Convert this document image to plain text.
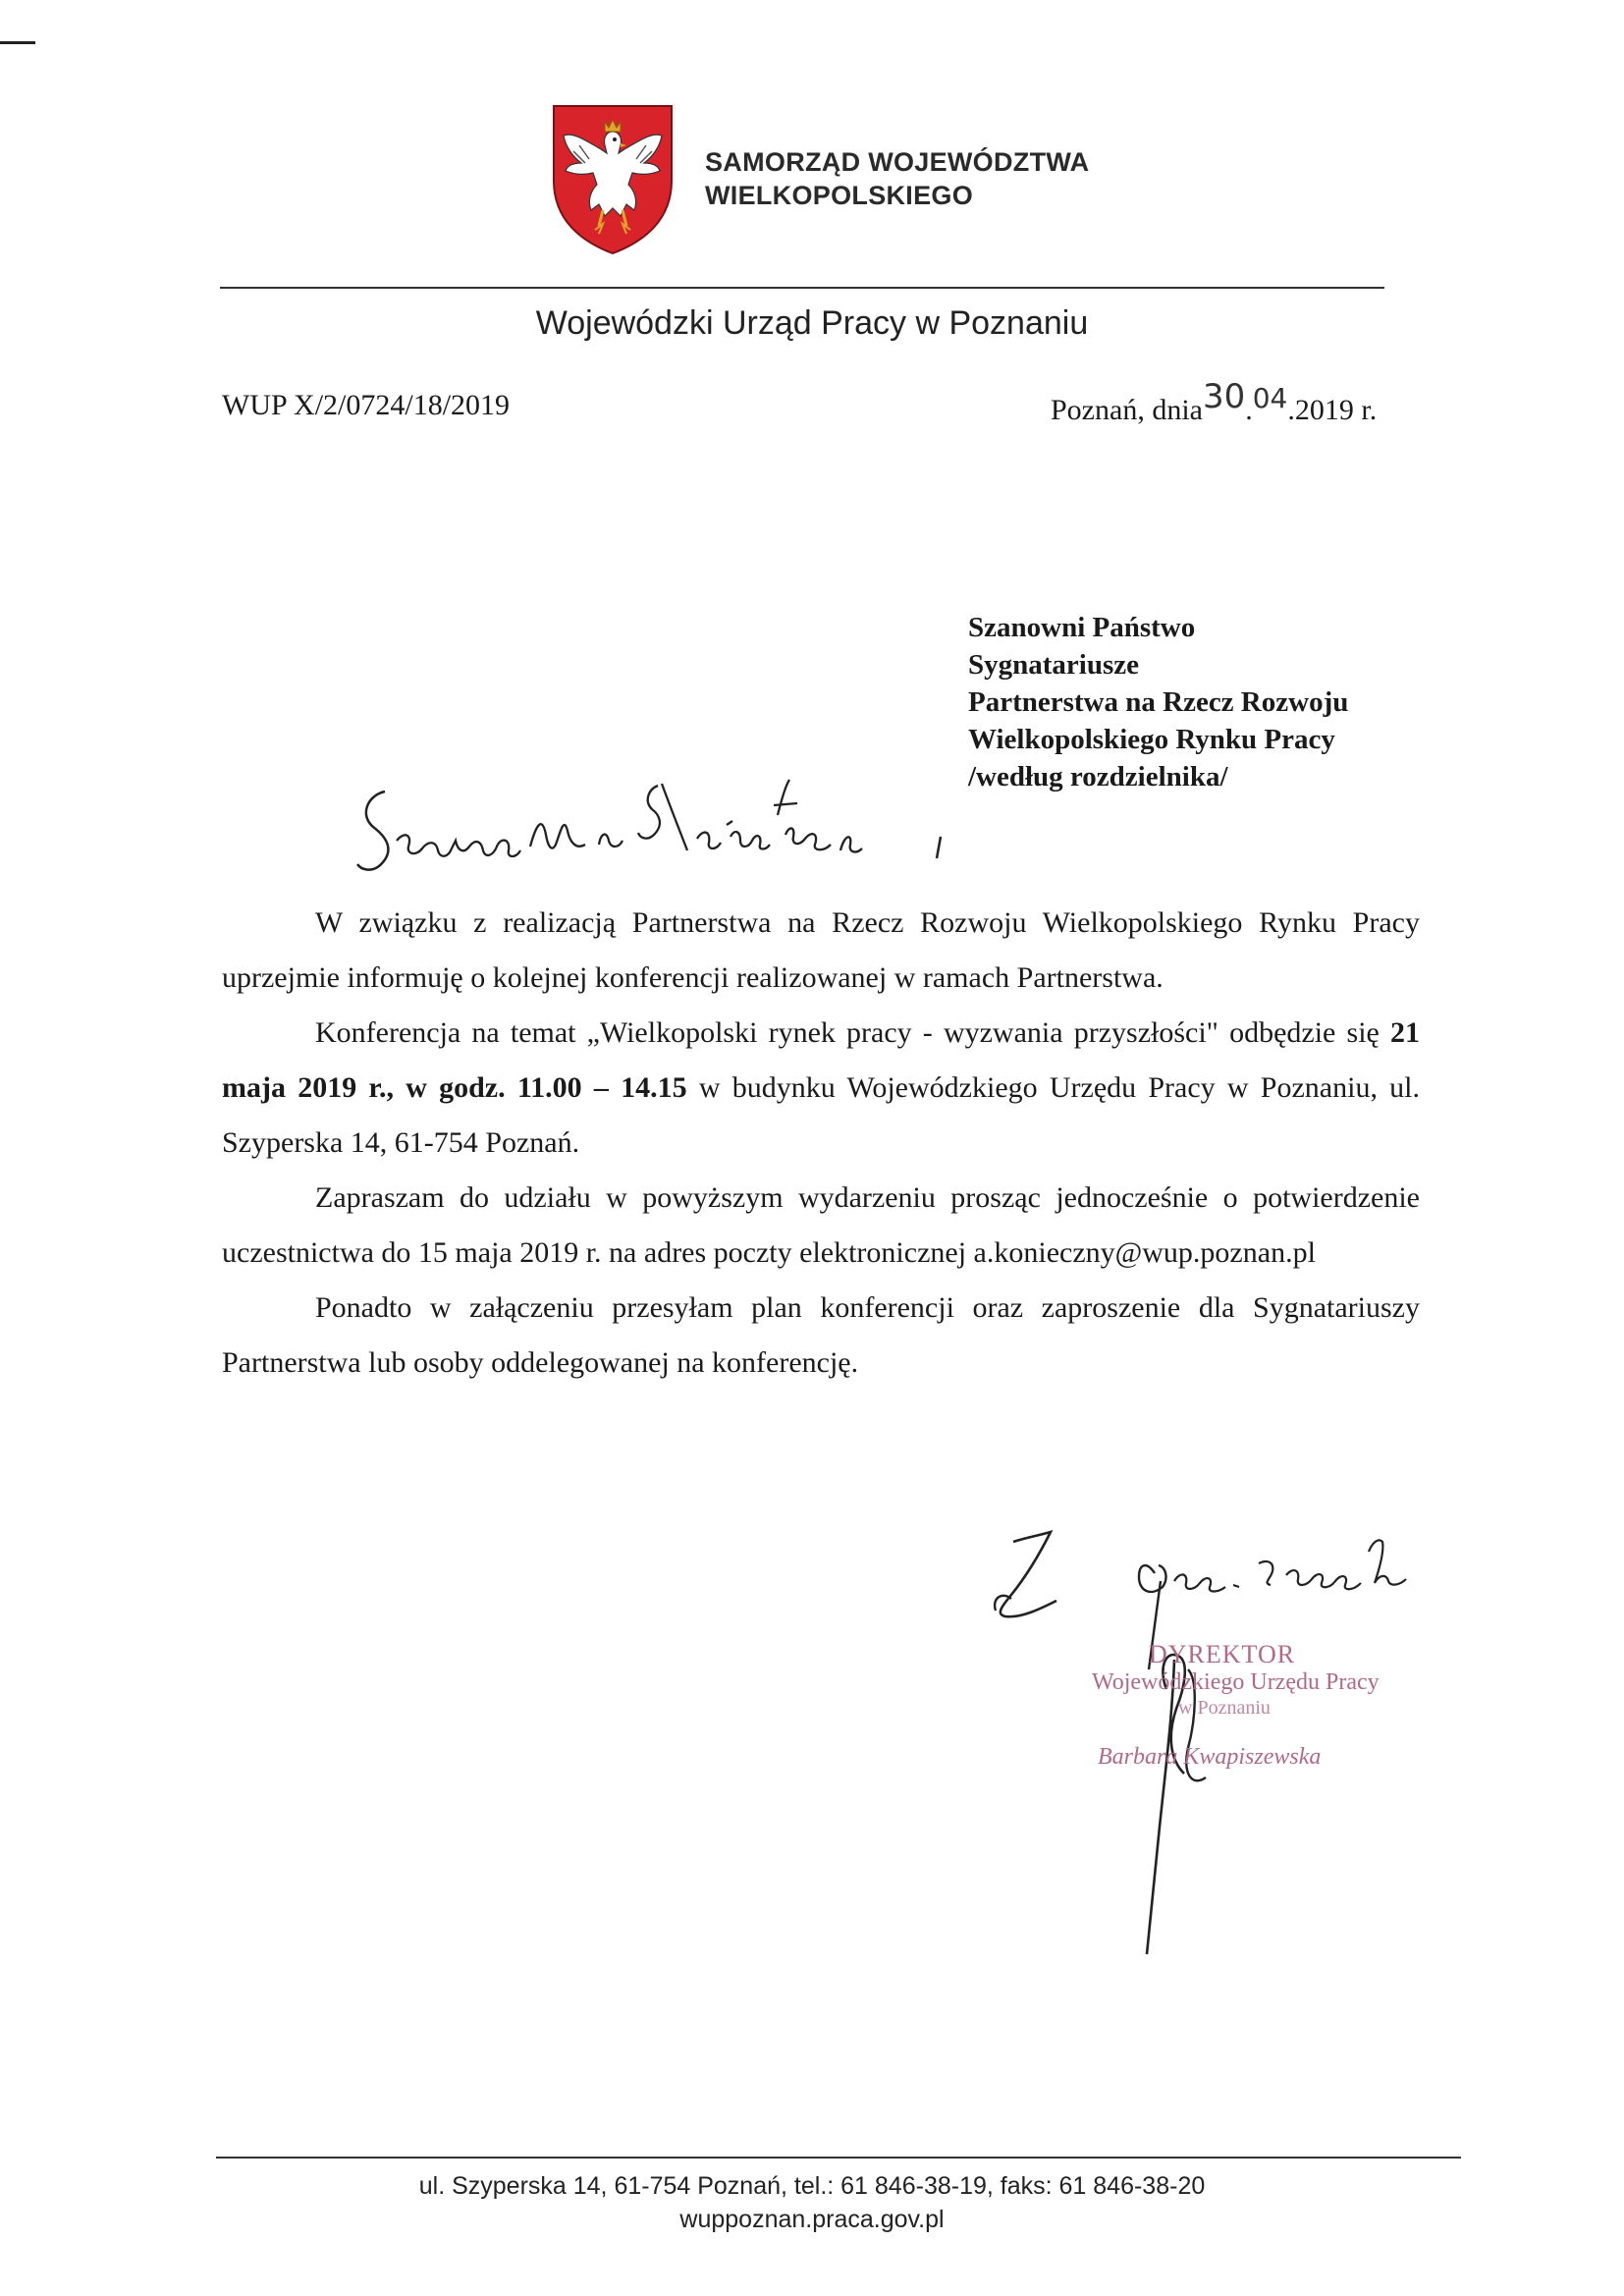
SAMORZĄD WOJEWÓDZTWA
WIELKOPOLSKIEGO
Wojewódzki Urząd Pracy w Poznaniu
WUP X/2/0724/18/2019	Poznań, dnia30.04.2019 r.
Szanowni Państwo
Sygnatariusze
Partnerstwa na Rzecz Rozwoju
Wielkopolskiego Rynku Pracy
/według rozdzielnika/

W związku z realizacją Partnerstwa na Rzecz Rozwoju Wielkopolskiego Rynku Pracy uprzejmie informuję o kolejnej konferencji realizowanej w ramach Partnerstwa.

Konferencja na temat „Wielkopolski rynek pracy - wyzwania przyszłości" odbędzie się 21 maja 2019 r., w godz. 11.00 – 14.15 w budynku Wojewódzkiego Urzędu Pracy w Poznaniu, ul. Szyperska 14, 61-754 Poznań.

Zapraszam do udziału w powyższym wydarzeniu prosząc jednocześnie o potwierdzenie uczestnictwa do 15 maja 2019 r. na adres poczty elektronicznej a.konieczny@wup.poznan.pl

Ponadto w załączeniu przesyłam plan konferencji oraz zaproszenie dla Sygnatariuszy Partnerstwa lub osoby oddelegowanej na konferencję.

DYREKTOR
Wojewódzkiego Urzędu Pracy
w Poznaniu
Barbara Kwapiszewska
ul. Szyperska 14, 61-754 Poznań, tel.: 61 846-38-19, faks: 61 846-38-20
wuppoznan.praca.gov.pl
